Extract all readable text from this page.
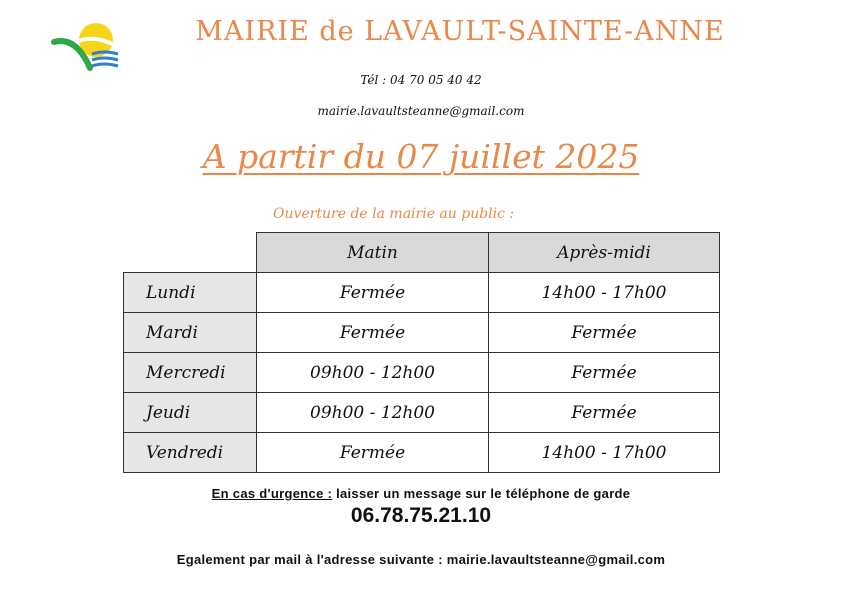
MAIRIE de LAVAULT-SAINTE-ANNE
Tél : 04 70 05 40 42
mairie.lavaultsteanne@gmail.com
A partir du 07 juillet 2025
Ouverture de la mairie au public :
	Matin	Après-midi
Lundi	Fermée	14h00 - 17h00
Mardi	Fermée	Fermée
Mercredi	09h00 - 12h00	Fermée
Jeudi	09h00 - 12h00	Fermée
Vendredi	Fermée	14h00 - 17h00
En cas d'urgence : laisser un message sur le téléphone de garde
06.78.75.21.10
Egalement par mail à l'adresse suivante : mairie.lavaultsteanne@gmail.com
